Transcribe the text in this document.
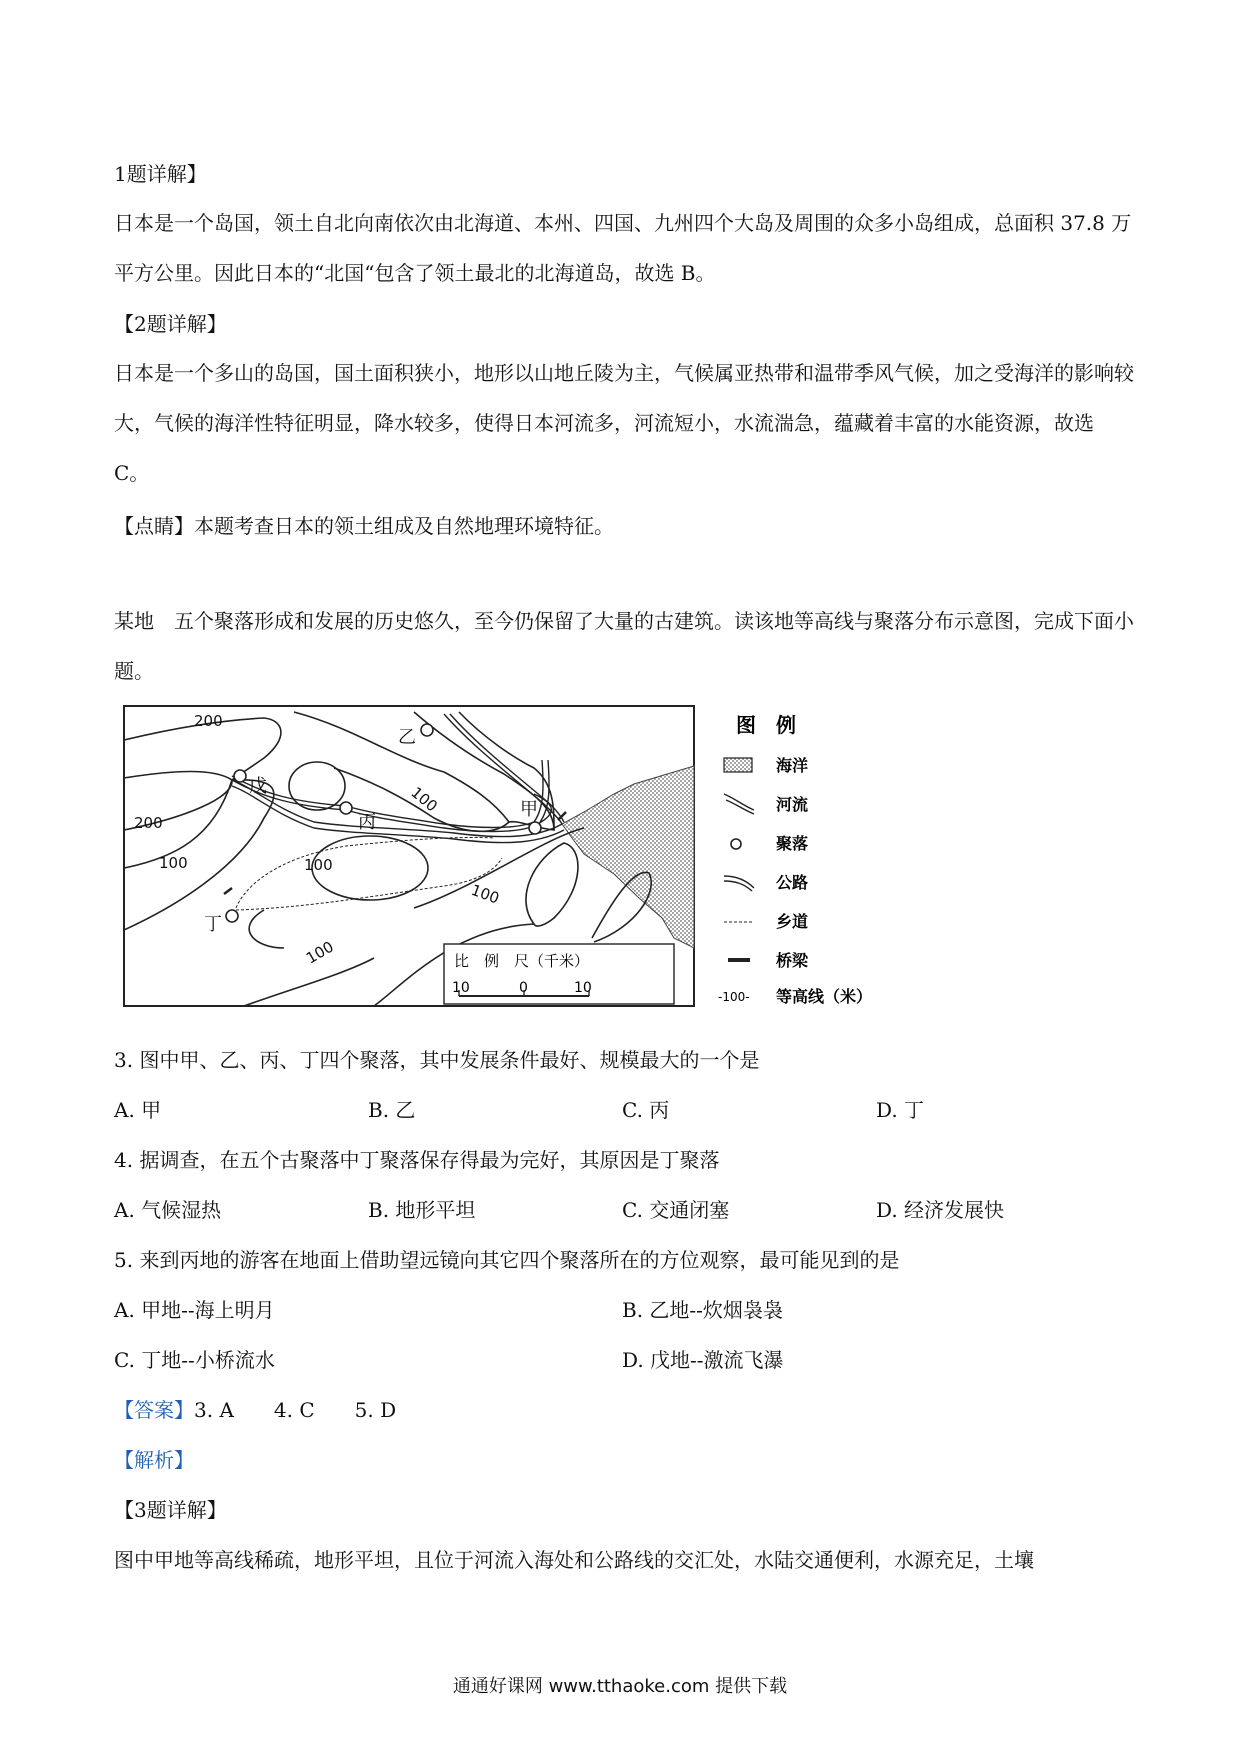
1题详解】

日本是一个岛国，领土自北向南依次由北海道、本州、四国、九州四个大岛及周围的众多小岛组成，总面积 37.8 万平方公里。因此日本的“北国“包含了领土最北的北海道岛，故选 B。

【2题详解】

日本是一个多山的岛国，国土面积狭小，地形以山地丘陵为主，气候属亚热带和温带季风气候，加之受海洋的影响较大，气候的海洋性特征明显，降水较多，使得日本河流多，河流短小，水流湍急，蕴藏着丰富的水能资源，故选 C。

【点睛】本题考查日本的领土组成及自然地理环境特征。

某地　五个聚落形成和发展的历史悠久，至今仍保留了大量的古建筑。读该地等高线与聚落分布示意图，完成下面小题。

200
200
100
100
100
100
100
乙
戊
丙
甲
丁
比　例　尺（千米）
10	0	10
图　例
海洋
河流
聚落
公路
乡道
桥梁
-100- 等高线（米）
3. 图中甲、乙、丙、丁四个聚落，其中发展条件最好、规模最大的一个是
A. 甲	B. 乙	C. 丙	D. 丁
4. 据调查，在五个古聚落中丁聚落保存得最为完好，其原因是丁聚落
A. 气候湿热	B. 地形平坦	C. 交通闭塞	D. 经济发展快
5. 来到丙地的游客在地面上借助望远镜向其它四个聚落所在的方位观察，最可能见到的是
A. 甲地--海上明月	B. 乙地--炊烟袅袅
C. 丁地--小桥流水	D. 戊地--激流飞瀑
【答案】3. A　　4. C　　5. D
【解析】
【3题详解】
图中甲地等高线稀疏，地形平坦，且位于河流入海处和公路线的交汇处，水陆交通便利，水源充足，土壤
通通好课网 www.tthaoke.com 提供下载
